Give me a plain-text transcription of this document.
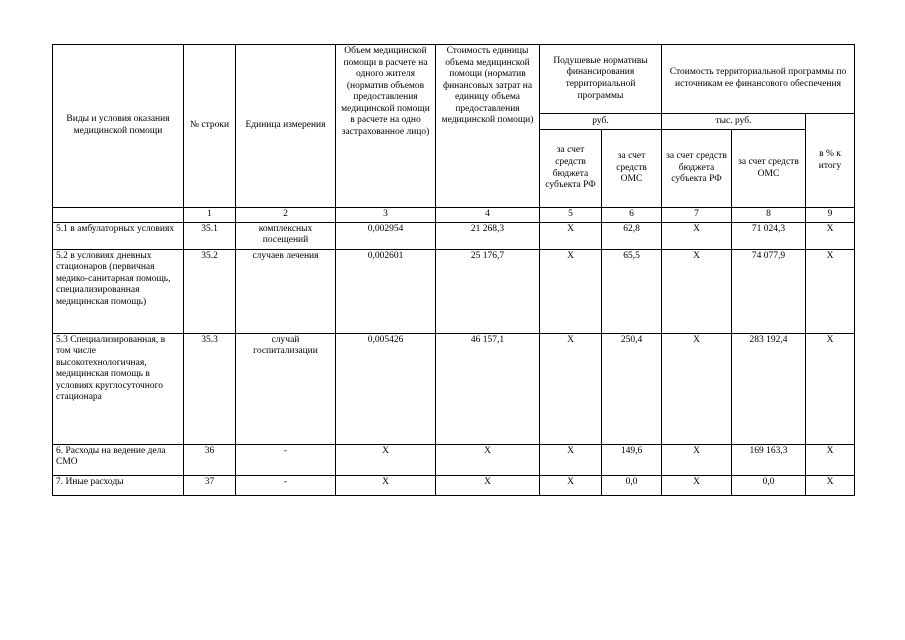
Виды и условия оказания медицинской помощи	№ строки	Единица измерения	Объем медицинской помощи в расчете на одного жителя (норматив объемов предоставления медицинской помощи в расчете на одно застрахованное лицо)	Стоимость единицы объема медицинской помощи (норматив финансовых затрат на единицу объема предоставления медицинской помощи)	Подушевые нормативы финансирования территориальной программы		Стоимость территориальной программы по источникам ее финансового обеспечения		
					руб.		тыс. руб.		в % к итогу
					за счет средств бюджета субъекта РФ	за счет средств ОМС	за счет средств бюджета субъекта РФ	за счет средств ОМС	
	1	2	3	4	5	6	7	8	9
5.1 в амбулаторных условиях	35.1	комплексных посещений	0,002954	21 268,3	X	62,8	X	71 024,3	X
5.2 в условиях дневных стационаров (первичная медико-санитарная помощь, специализированная медицинская помощь)	35.2	случаев лечения	0,002601	25 176,7	X	65,5	X	74 077,9	X
5.3 Специализированная, в том числе высокотехнологичная, медицинская помощь в условиях круглосуточного стационара	35.3	случай госпитализации	0,005426	46 157,1	X	250,4	X	283 192,4	X
6. Расходы на ведение дела СМО	36	-	X	X	X	149,6	X	169 163,3	X
7. Иные расходы	37	-	X	X	X	0,0	X	0,0	X
